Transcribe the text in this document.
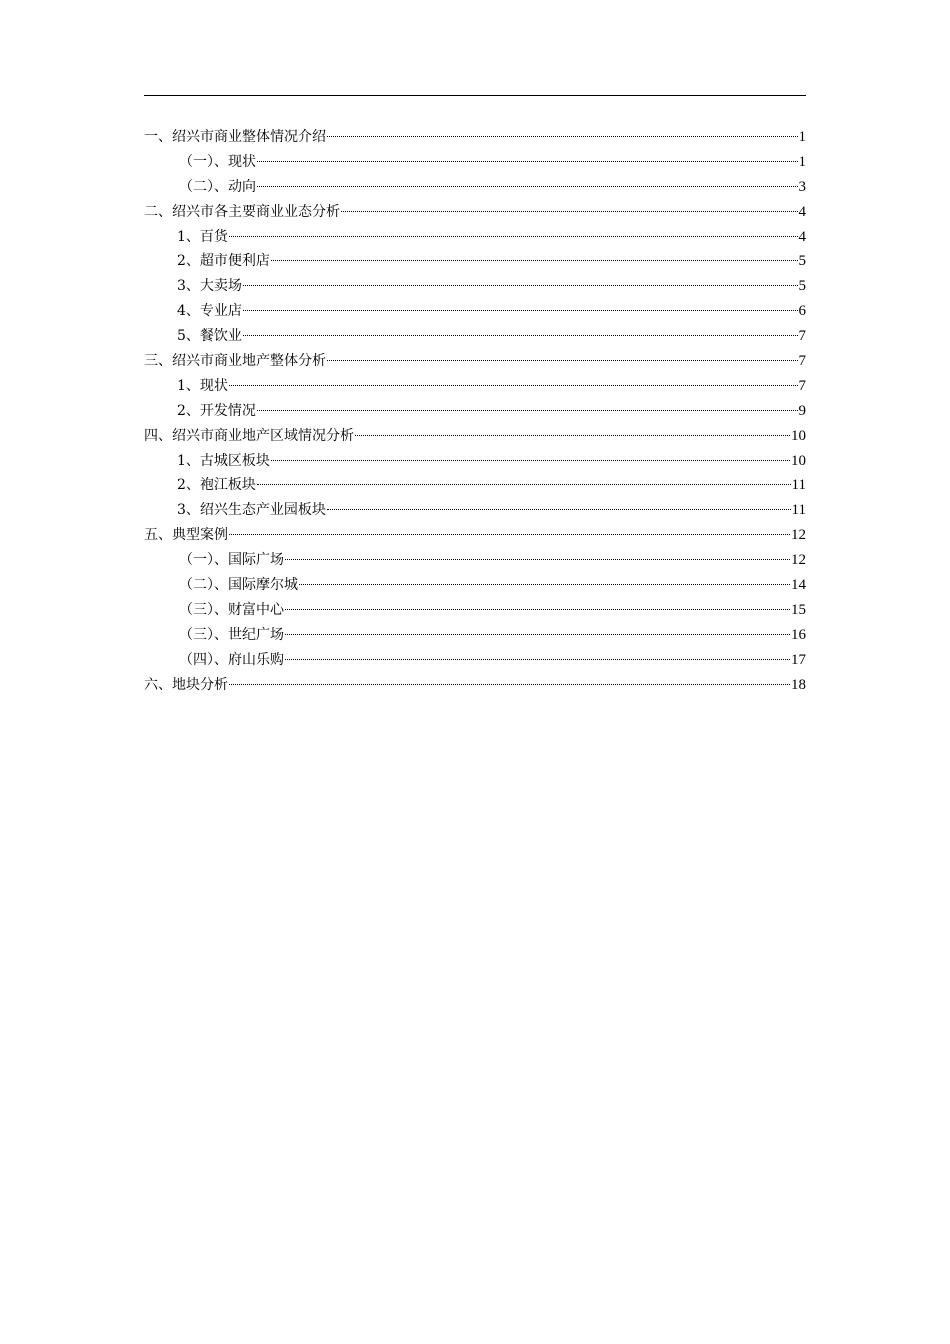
一、绍兴市商业整体情况介绍	1
（一）、现状	1
（二）、动向	3
二、绍兴市各主要商业业态分析	4
1、百货	4
2、超市便利店	5
3、大卖场	5
4、专业店	6
5、餐饮业	7
三、绍兴市商业地产整体分析	7
1、现状	7
2、开发情况	9
四、绍兴市商业地产区域情况分析	10
1、古城区板块	10
2、袍江板块	11
3、绍兴生态产业园板块	11
五、典型案例	12
（一）、国际广场	12
（二）、国际摩尔城	14
（三）、财富中心	15
（三）、世纪广场	16
（四）、府山乐购	17
六、地块分析	18
